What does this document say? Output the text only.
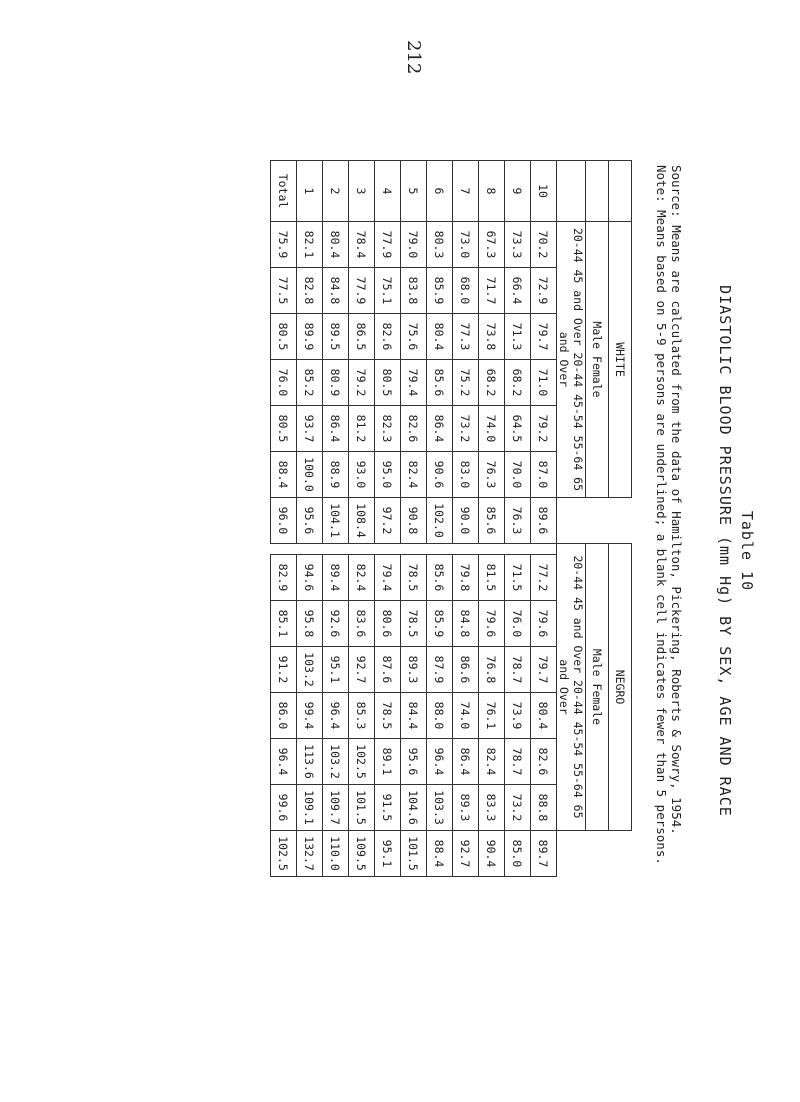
212
Table 10
DIASTOLIC BLOOD PRESSURE (mm Hg) BY SEX, AGE AND RACE
Source: Means are calculated from the data of Hamilton, Pickering, Roberts & Sowry, 1954.
Note: Means based on 5-9 persons are underlined; a blank cell indicates fewer than 5 persons.
	WHITE							NEGRO							
	Male Female							Male Female							
	20-44 45 and Over 20-44 45-54 55-64 65 and Over							20-44 45 and Over 20-44 45-54 55-64 65 and Over							
10	70.2	72.9	79.7	71.0	79.2	87.0	89.6		77.2	79.6	79.7	80.4	82.6	88.8	89.7
9	73.3	66.4	71.3	68.2	64.5	70.0	76.3		71.5	76.0	78.7	73.9	78.7	73.2	85.0
8	67.3	71.7	73.8	68.2	74.0	76.3	85.6		81.5	79.6	76.8	76.1	82.4	83.3	90.4
7	73.0	68.0	77.3	75.2	73.2	83.0	90.0		79.8	84.8	86.6	74.0	86.4	89.3	92.7
6	80.3	85.9	80.4	85.6	86.4	90.6	102.0		85.6	85.9	87.9	88.0	96.4	103.3	88.4
5	79.0	83.8	75.6	79.4	82.6	82.4	90.8		78.5	78.5	89.3	84.4	95.6	104.6	101.5
4	77.9	75.1	82.6	80.5	82.3	95.0	97.2		79.4	80.6	87.6	78.5	89.1	91.5	95.1
3	78.4	77.9	86.5	79.2	81.2	93.0	108.4		82.4	83.6	92.7	85.3	102.5	101.5	109.5
2	80.4	84.8	89.5	80.9	86.4	88.9	104.1		89.4	92.6	95.1	96.4	103.2	109.7	110.0
1	82.1	82.8	89.9	85.2	93.7	100.0	95.6		94.6	95.8	103.2	99.4	113.6	109.1	132.7
Total	75.9	77.5	80.5	76.0	80.5	88.4	96.0		82.9	85.1	91.2	86.0	96.4	99.6	102.5
